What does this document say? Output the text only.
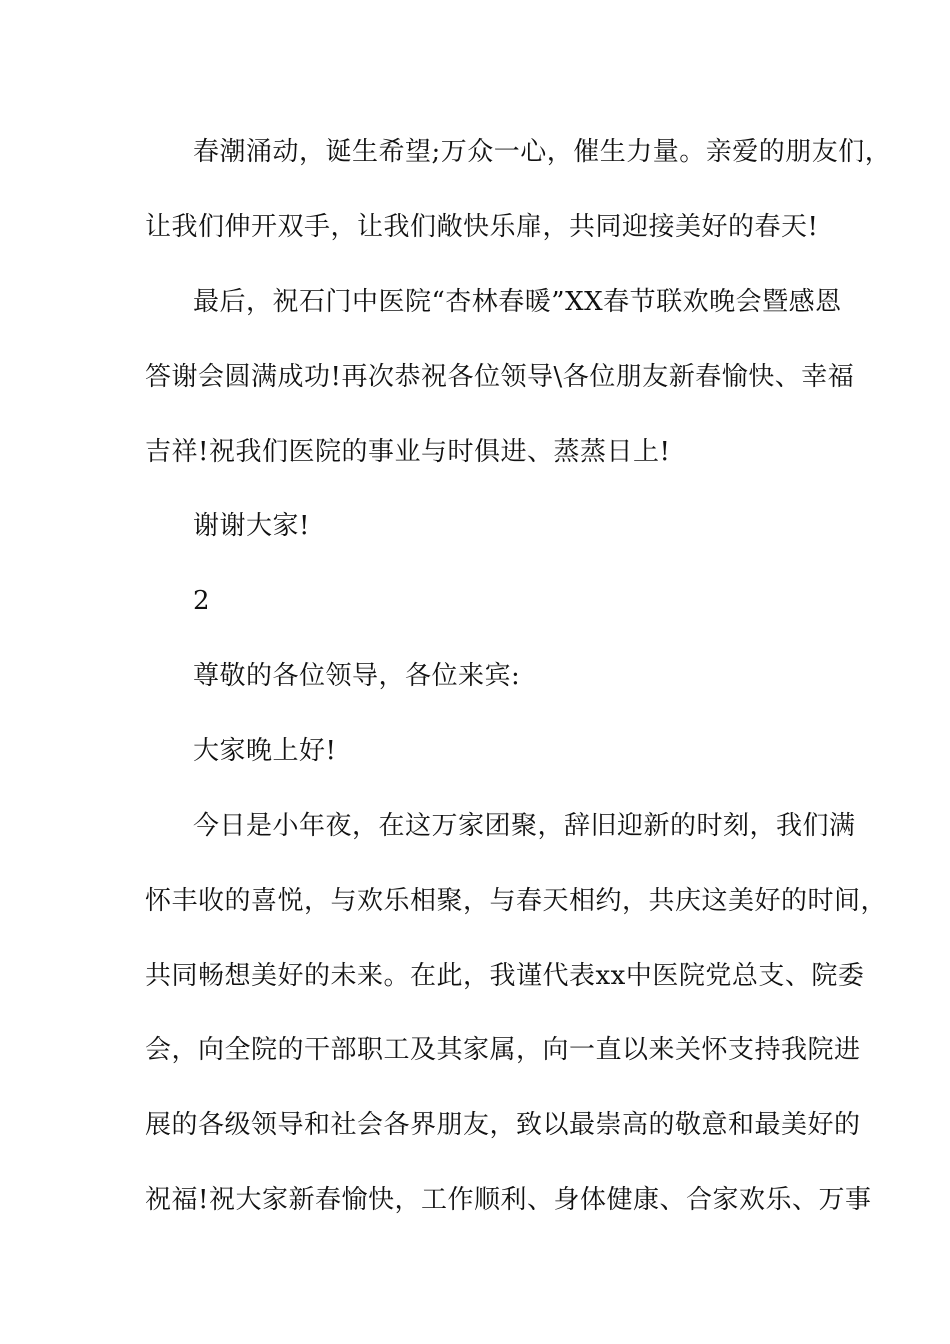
春潮涌动，诞生希望;万众一心，催生力量。亲爱的朋友们，
让我们伸开双手，让我们敞快乐扉，共同迎接美好的春天!
最后，祝石门中医院“杏林春暖”XX春节联欢晚会暨感恩
答谢会圆满成功!再次恭祝各位领导\各位朋友新春愉快、幸福
吉祥!祝我们医院的事业与时俱进、蒸蒸日上!
谢谢大家!
2
尊敬的各位领导，各位来宾:
大家晚上好!
今日是小年夜，在这万家团聚，辞旧迎新的时刻，我们满
怀丰收的喜悦，与欢乐相聚，与春天相约，共庆这美好的时间，
共同畅想美好的未来。在此，我谨代表xx中医院党总支、院委
会，向全院的干部职工及其家属，向一直以来关怀支持我院进
展的各级领导和社会各界朋友，致以最崇高的敬意和最美好的
祝福!祝大家新春愉快，工作顺利、身体健康、合家欢乐、万事
